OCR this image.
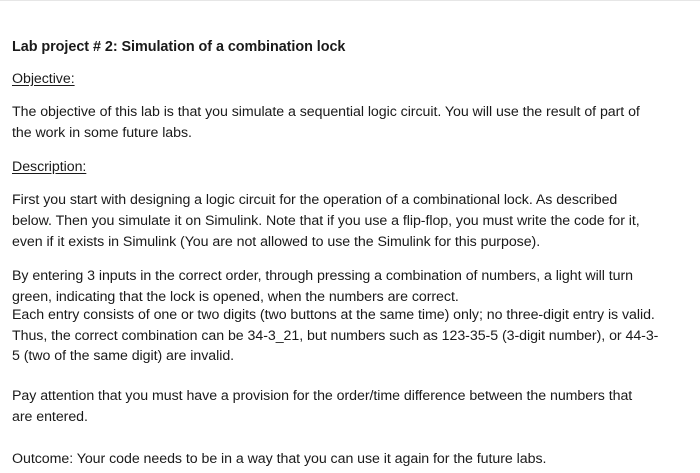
Lab project # 2: Simulation of a combination lock
Objective:
The objective of this lab is that you simulate a sequential logic circuit. You will use the result of part of
the work in some future labs.
Description:
First you start with designing a logic circuit for the operation of a combinational lock. As described
below. Then you simulate it on Simulink. Note that if you use a flip-flop, you must write the code for it,
even if it exists in Simulink (You are not allowed to use the Simulink for this purpose).
By entering 3 inputs in the correct order, through pressing a combination of numbers, a light will turn
green, indicating that the lock is opened, when the numbers are correct.
Each entry consists of one or two digits (two buttons at the same time) only; no three-digit entry is valid.
Thus, the correct combination can be 34-3_21, but numbers such as 123-35-5 (3-digit number), or 44-3-
5 (two of the same digit) are invalid.
Pay attention that you must have a provision for the order/time difference between the numbers that
are entered.
Outcome: Your code needs to be in a way that you can use it again for the future labs.
